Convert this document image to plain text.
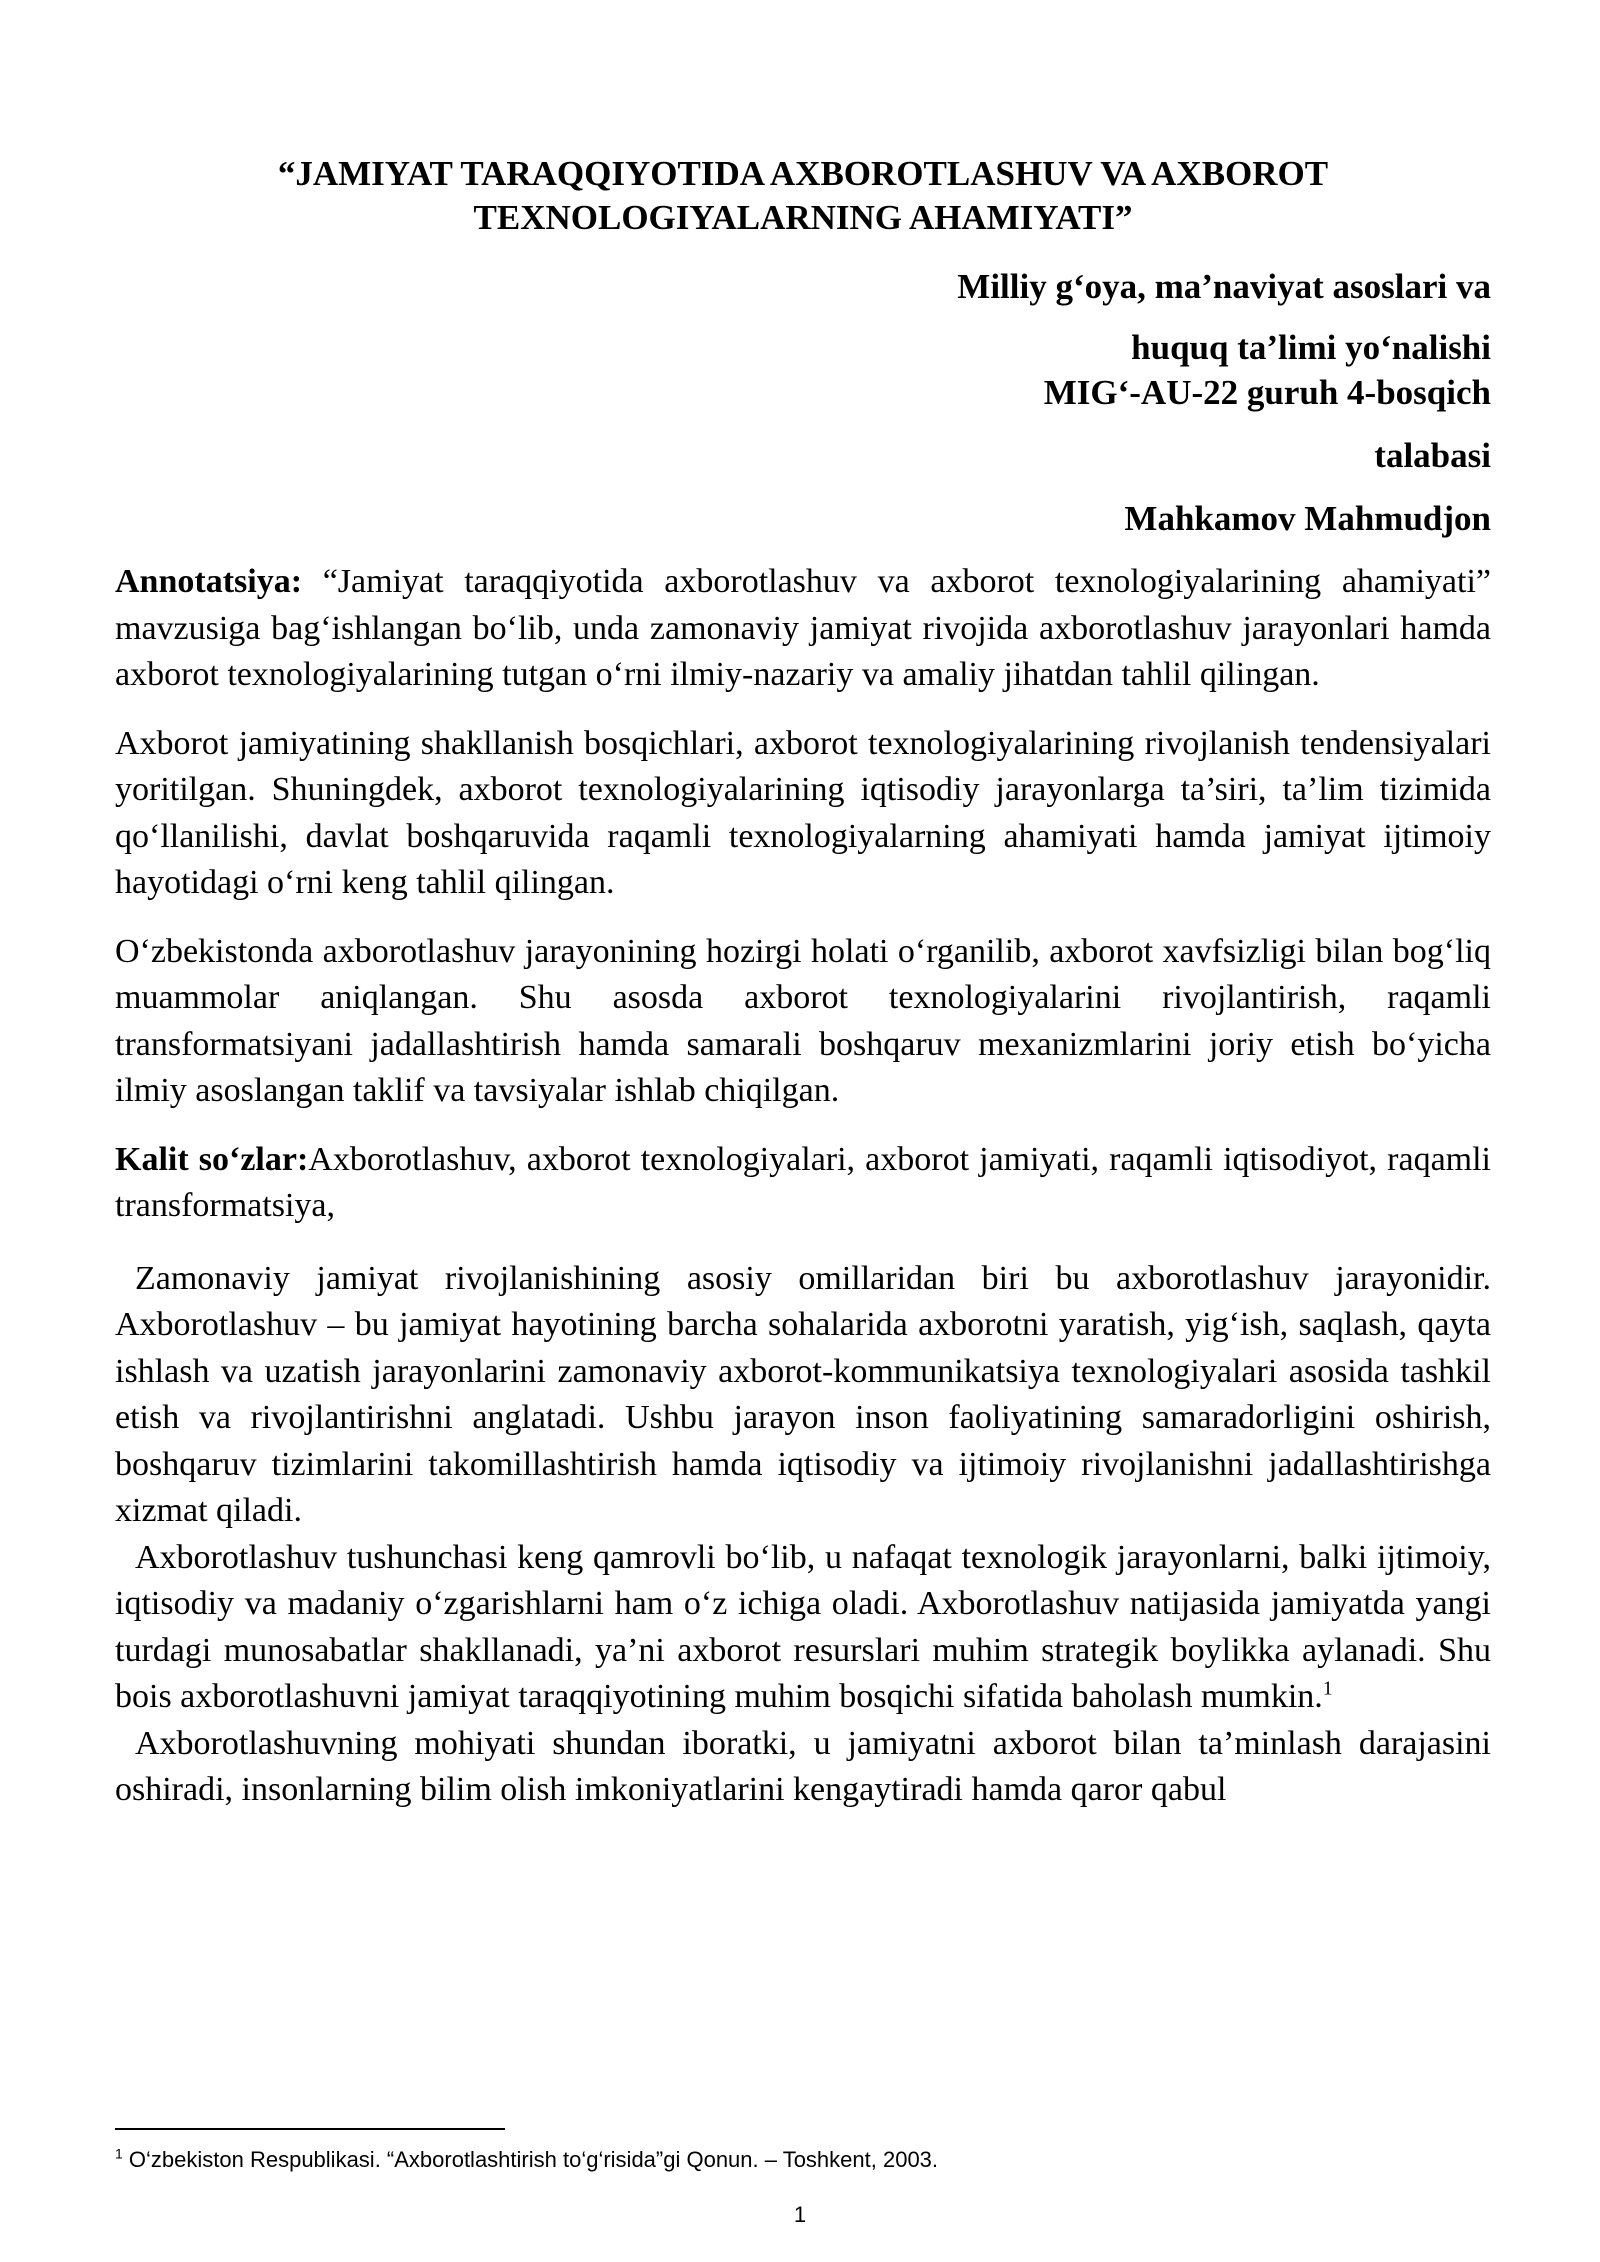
“JAMIYAT TARAQQIYOTIDA AXBOROTLASHUV VA AXBOROT
TEXNOLOGIYALARNING AHAMIYATI”
Milliy g‘oya, ma’naviyat asoslari va
huquq ta’limi yo‘nalishi
MIG‘-AU-22 guruh 4-bosqich
talabasi
Mahkamov Mahmudjon

Annotatsiya: “Jamiyat taraqqiyotida axborotlashuv va axborot texnologiyalarining ahamiyati” mavzusiga bag‘ishlangan bo‘lib, unda zamonaviy jamiyat rivojida axborotlashuv jarayonlari hamda axborot texnologiyalarining tutgan o‘rni ilmiy-nazariy va amaliy jihatdan tahlil qilingan.

Axborot jamiyatining shakllanish bosqichlari, axborot texnologiyalarining rivojlanish tendensiyalari yoritilgan. Shuningdek, axborot texnologiyalarining iqtisodiy jarayonlarga ta’siri, ta’lim tizimida qo‘llanilishi, davlat boshqaruvida raqamli texnologiyalarning ahamiyati hamda jamiyat ijtimoiy hayotidagi o‘rni keng tahlil qilingan.

O‘zbekistonda axborotlashuv jarayonining hozirgi holati o‘rganilib, axborot xavfsizligi bilan bog‘liq muammolar aniqlangan. Shu asosda axborot texnologiyalarini rivojlantirish, raqamli transformatsiyani jadallashtirish hamda samarali boshqaruv mexanizmlarini joriy etish bo‘yicha ilmiy asoslangan taklif va tavsiyalar ishlab chiqilgan.

Kalit so‘zlar:Axborotlashuv, axborot texnologiyalari, axborot jamiyati, raqamli iqtisodiyot, raqamli transformatsiya,

Zamonaviy jamiyat rivojlanishining asosiy omillaridan biri bu axborotlashuv jarayonidir. Axborotlashuv – bu jamiyat hayotining barcha sohalarida axborotni yaratish, yig‘ish, saqlash, qayta ishlash va uzatish jarayonlarini zamonaviy axborot-kommunikatsiya texnologiyalari asosida tashkil etish va rivojlantirishni anglatadi. Ushbu jarayon inson faoliyatining samaradorligini oshirish, boshqaruv tizimlarini takomillashtirish hamda iqtisodiy va ijtimoiy rivojlanishni jadallashtirishga xizmat qiladi.

Axborotlashuv tushunchasi keng qamrovli bo‘lib, u nafaqat texnologik jarayonlarni, balki ijtimoiy, iqtisodiy va madaniy o‘zgarishlarni ham o‘z ichiga oladi. Axborotlashuv natijasida jamiyatda yangi turdagi munosabatlar shakllanadi, ya’ni axborot resurslari muhim strategik boylikka aylanadi. Shu bois axborotlashuvni jamiyat taraqqiyotining muhim bosqichi sifatida baholash mumkin.$^1$

Axborotlashuvning mohiyati shundan iboratki, u jamiyatni axborot bilan ta’minlash darajasini oshiradi, insonlarning bilim olish imkoniyatlarini kengaytiradi hamda qaror qabul

$^1$ O‘zbekiston Respublikasi. “Axborotlashtirish to‘g‘risida”gi Qonun. – Toshkent, 2003.
1
